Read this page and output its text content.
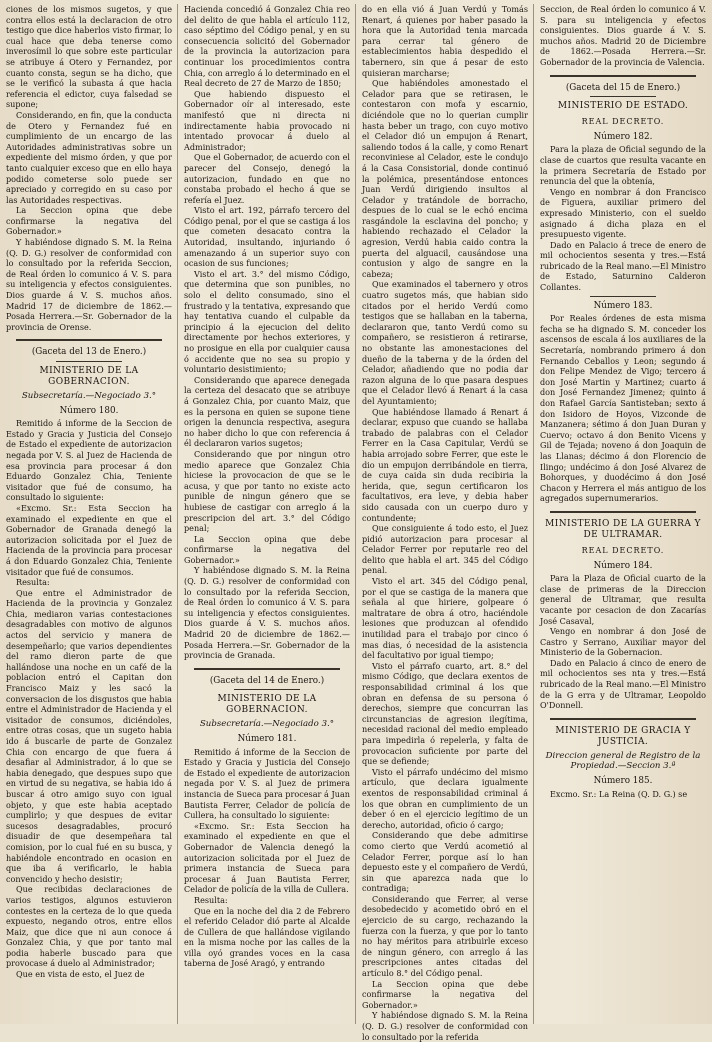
ciones de los mismos sugetos, y que contra ellos está la declaracion de otro testigo que dice haberlos visto firmar, lo cual hace que deba tenerse como inverosímil lo que sobre este particular se atribuye á Otero y Fernandez, por cuanto consta, segun se ha dicho, que se le verificó la subasta á que hacia referencia el edictor, cuya falsedad se supone;

Considerando, en fin, que la conducta de Otero y Fernandez fué en cumplimiento de un encargo de las Autoridades administrativas sobre un expediente del mismo órden, y que por tanto cualquier exceso que en ello haya podido cometerse solo puede ser apreciado y corregido en su caso por las Autoridades respectivas.

La Seccion opina que debe confirmarse la negativa del Gobernador.»

Y habiéndose dignado S. M. la Reina (Q. D. G.) resolver de conformidad con lo consultado por la referida Seccion, de Real órden lo comunico á V. S. para su inteligencia y efectos consiguientes. Dios guarde á V. S. muchos años. Madrid 17 de diciembre de 1862.—Posada Herrera.—Sr. Gobernador de la provincia de Orense.

(Gaceta del 13 de Enero.)

MINISTERIO DE LA GOBERNACION.

Subsecretaría.—Negociado 3.°

Número 180.

Remitido á informe de la Seccion de Estado y Gracia y Justicia del Consejo de Estado el expediente de autorizacion negada por V. S. al Juez de Hacienda de esa provincia para procesar á don Eduardo Gonzalez Chia, Teniente visitador que fué de consumo, ha consultado lo siguiente:

«Excmo. Sr.: Esta Seccion ha examinado el expediente en que el Gobernador de Granada denegó la autorizacion solicitada por el Juez de Hacienda de la provincia para procesar á don Eduardo Gonzalez Chia, Teniente visitador que fué de consumos.

Resulta:

Que entre el Administrador de Hacienda de la provincia y Gonzalez Chia, mediaron varias contestaciones desagradables con motivo de algunos actos del servicio y manera de desempeñarlo; que varios dependientes del ramo dieron parte de que hallándose una noche en un café de la poblacion entró el Capitan don Francisco Maiz y les sacó la conversacion de los disgustos que habia entre el Administrador de Hacienda y el visitador de consumos, diciéndoles, entre otras cosas, que un sugeto habia ido á buscarle de parte de Gonzalez Chia con encargo de que fuera á desafiar al Administrador, á lo que se habia denegado, que despues supo que en virtud de su negativa, se habia ido á buscar á otro amigo suyo con igual objeto, y que este habia aceptado cumplirlo; y que despues de evitar sucesos desagradables, procuró disuadir de que desempeñara tal comision, por lo cual fué en su busca, y habiéndole encontrado en ocasion en que iba á verificarlo, le habia convencido y hecho desistir;

Que recibidas declaraciones de varios testigos, algunos estuvieron contestes en la certeza de lo que queda expuesto, negando otros, entre ellos Maiz, que dice que ni aun conoce á Gonzalez Chia, y que por tanto mal podia haberle buscado para que provocase á duelo al Administrador;

Que en vista de esto, el Juez de

Hacienda concedió á Gonzalez Chia reo del delito de que habla el artículo 112, caso séptimo del Código penal, y en su consecuencia solicitó del Gobernador de la provincia la autorizacion para continuar los procedimientos contra Chia, con arreglo á lo determinado en el Real decreto de 27 de Marzo de 1850;

Que habiendo dispuesto el Gobernador oír al interesado, este manifestó que ni directa ni indirectamente habia provocado ni intentado provocar á duelo al Administrador;

Que el Gobernador, de acuerdo con el parecer del Consejo, denegó la autorizacion, fundado en que no constaba probado el hecho á que se refería el Juez.

Visto el art. 192, párrafo tercero del Código penal, por el que se castiga á los que cometen desacato contra la Autoridad, insultando, injuriando ó amenazando á un superior suyo con ocasion de sus funciones;

Visto el art. 3.° del mismo Código, que determina que son punibles, no solo el delito consumado, sino el frustrado y la tentativa, expresando que hay tentativa cuando el culpable da principio á la ejecucion del delito directamente por hechos exteriores, y no prosigue en ella por cualquier causa ó accidente que no sea su propio y voluntario desistimiento;

Considerando que aparece denegada la certeza del desacato que se atribuye á Gonzalez Chia, por cuanto Maiz, que es la persona en quien se supone tiene origen la denuncia respectiva, asegura no haber dicho lo que con referencia á él declararon varios sugetos;

Considerando que por ningun otro medio aparece que Gonzalez Chia hiciese la provocacion de que se le acusa, y que por tanto no existe acto punible de ningun género que se hubiese de castigar con arreglo á la prescripcion del art. 3.° del Código penal;

La Seccion opina que debe confirmarse la negativa del Gobernador.»

Y habiéndose dignado S. M. la Reina (Q. D. G.) resolver de conformidad con lo consultado por la referida Seccion, de Real órden lo comunico á V. S. para su inteligencia y efectos consiguientes. Dios guarde á V. S. muchos años. Madrid 20 de diciembre de 1862.—Posada Herrera.—Sr. Gobernador de la provincia de Granada.

(Gaceta del 14 de Enero.)

MINISTERIO DE LA GOBERNACION.

Subsecretaría.—Negociado 3.°

Número 181.

Remitido á informe de la Seccion de Estado y Gracia y Justicia del Consejo de Estado el expediente de autorizacion negada por V. S. al Juez de primera instancia de Sueca para procesar á Juan Bautista Ferrer, Celador de policía de Cullera, ha consultado lo siguiente:

«Excmo. Sr.: Esta Seccion ha examinado el expediente en que el Gobernador de Valencia denegó la autorizacion solicitada por el Juez de primera instancia de Sueca para procesar á Juan Bautista Ferrer, Celador de policía de la villa de Cullera.

Resulta:

Que en la noche del dia 2 de Febrero el referido Celador dió parte al Alcalde de Cullera de que hallándose vigilando en la misma noche por las calles de la villa oyó grandes voces en la casa taberna de José Aragó, y entrando

do en ella vió á Juan Verdú y Tomás Renart, á quienes por haber pasado la hora que la Autoridad tenia marcada para cerrar tal género de establecimientos habia despedido el tabernero, sin que á pesar de esto quisieran marcharse;

Que habiéndoles amonestado el Celador para que se retirasen, le contestaron con mofa y escarnio, diciéndole que no lo querian cumplir hasta beber un trago, con cuyo motivo el Celador dió un empujon á Renart, saliendo todos á la calle, y como Renart reconviniese al Celador, este le condujo á la Casa Consistorial, donde continuó la polémica, presentándose entonces Juan Verdú dirigiendo insultos al Celador y tratándole de borracho, despues de lo cual se le echó encima rasgándole la esclavina del poncho; y habiendo rechazado el Celador la agresion, Verdú habia caido contra la puerta del alguacil, causándose una contusion y algo de sangre en la cabeza;

Que examinados el tabernero y otros cuatro sugetos más, que habian sido citados por el herido Verdú como testigos que se hallaban en la taberna, declararon que, tanto Verdú como su compañero, se resistieron á retirarse, no obstante las amonestaciones del dueño de la taberna y de la órden del Celador, añadiendo que no podia dar razon alguna de lo que pasara despues que el Celador llevó á Renart á la casa del Ayuntamiento;

Que habiéndose llamado á Renart á declarar, expuso que cuando se hallaba trabado de palabras con el Celador Ferrer en la Casa Capitular, Verdú se habia arrojado sobre Ferrer, que este le dio un empujon derribándole en tierra, de cuya caida sin duda recibiria la herida, que, segun certificaron los facultativos, era leve, y debia haber sido causada con un cuerpo duro y contundente;

Que consiguiente á todo esto, el Juez pidió autorizacion para procesar al Celador Ferrer por reputarle reo del delito que habla el art. 345 del Código penal.

Visto el art. 345 del Código penal, por el que se castiga de la manera que señala al que hiriere, golpeare ó maltratare de obra á otro, haciéndole lesiones que produzcan al ofendido inutilidad para el trabajo por cinco ó mas dias, ó necesidad de la asistencia del facultativo por igual tiempo;

Visto el párrafo cuarto, art. 8.° del mismo Código, que declara exentos de responsabilidad criminal á los que obran en defensa de su persona ó derechos, siempre que concurran las circunstancias de agresion ilegítima, necesidad racional del medio empleado para impedirla ó repelerla, y falta de provocacion suficiente por parte del que se defiende;

Visto el párrafo undécimo del mismo artículo, que declara igualmente exentos de responsabilidad criminal á los que obran en cumplimiento de un deber ó en el ejercicio legítimo de un derecho, autoridad, oficio ó cargo;

Considerando que debe admitirse como cierto que Verdú acometió al Celador Ferrer, porque así lo han depuesto este y el compañero de Verdú, sin que aparezca nada que lo contradiga;

Considerando que Ferrer, al verse desobedecido y acometido obró en el ejercicio de su cargo, rechazando la fuerza con la fuerza, y que por lo tanto no hay méritos para atribuirle exceso de ningun género, con arreglo á las prescripciones antes citadas del artículo 8.° del Código penal.

La Seccion opina que debe confirmarse la negativa del Gobernador.»

Y habiéndose dignado S. M. la Reina (Q. D. G.) resolver de conformidad con lo consultado por la referida

Seccion, de Real órden lo comunico á V. S. para su inteligencia y efectos consiguientes. Dios guarde á V. S. muchos años. Madrid 20 de Diciembre de 1862.—Posada Herrera.—Sr. Gobernador de la provincia de Valencia.

(Gaceta del 15 de Enero.)

MINISTERIO DE ESTADO.

REAL DECRETO.

Número 182.

Para la plaza de Oficial segundo de la clase de cuartos que resulta vacante en la primera Secretaría de Estado por renuncia del que la obtenía,

Vengo en nombrar á don Francisco de Figuera, auxiliar primero del expresado Ministerio, con el sueldo asignado á dicha plaza en el presupuesto vigente.

Dado en Palacio á trece de enero de mil ochocientos sesenta y tres.—Está rubricado de la Real mano.—El Ministro de Estado, Saturnino Calderon Collantes.

Número 183.

Por Reales órdenes de esta misma fecha se ha dignado S. M. conceder los ascensos de escala á los auxiliares de la Secretaría, nombrando primero á don Fernando Ceballos y Leon; segundo á don Felipe Mendez de Vigo; tercero á don José Martin y Martinez; cuarto á don José Fernandez Jimenez; quinto á don Rafael García Santisteban; sexto á don Isidoro de Hoyos, Vizconde de Manzanera; sétimo á don Juan Duran y Cuervo; octavo á don Benito Vicens y Gil de Tejada; noveno á don Joaquin de las Llanas; décimo á don Florencio de Ilingo; undécimo á don José Alvarez de Bohorques, y duodécimo á don José Chacon y Herrera el más antiguo de los agregados supernumerarios.

MINISTERIO DE LA GUERRA Y DE ULTRAMAR.

REAL DECRETO.

Número 184.

Para la Plaza de Oficial cuarto de la clase de primeras de la Direccion general de Ultramar, que resulta vacante por cesacion de don Zacarías José Casaval,

Vengo en nombrar á don José de Castro y Serrano, Auxiliar mayor del Ministerio de la Gobernacion.

Dado en Palacio á cinco de enero de mil ochocientos ses nta y tres.—Está rubricado de la Real mano.—El Ministro de la G erra y de Ultramar, Leopoldo O'Donnell.

MINISTERIO DE GRACIA Y JUSTICIA.

Direccion general de Registro de la Propiedad.—Seccion 3.ª

Número 185.

Excmo. Sr.: La Reina (Q. D. G.) se
